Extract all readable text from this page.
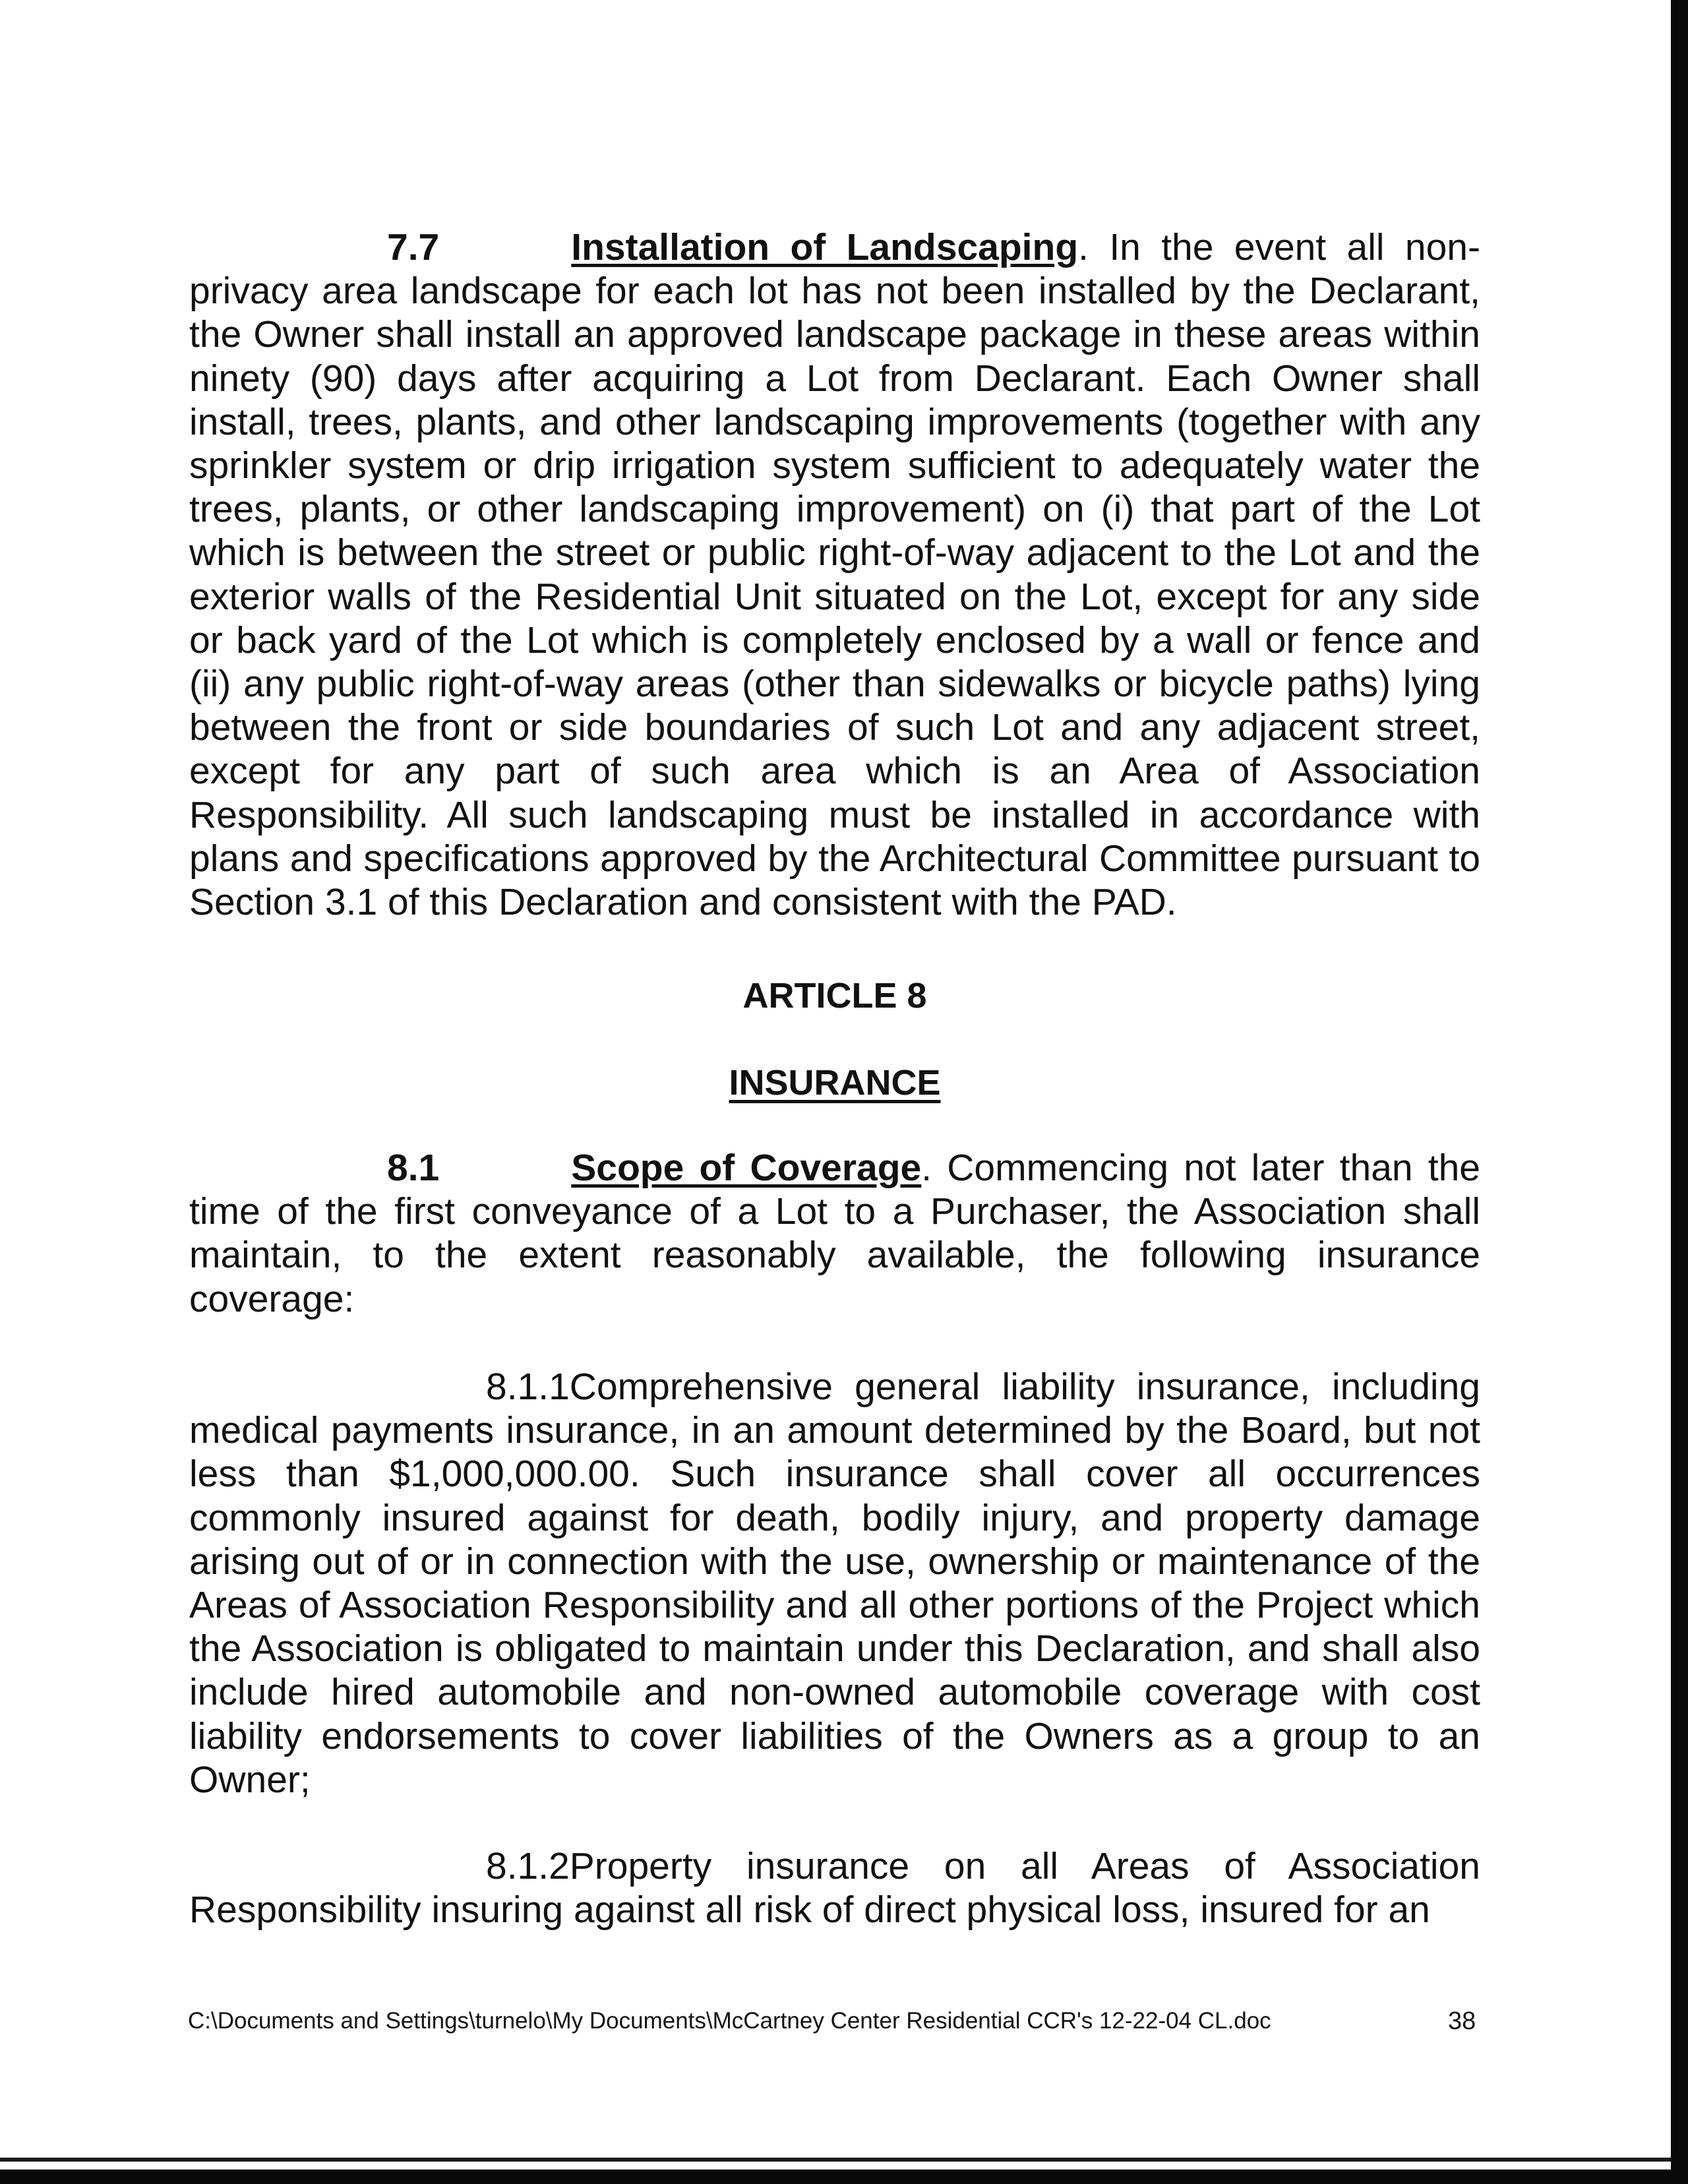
7.7	Installation of Landscaping. In the event all non-privacy area landscape for each lot has not been installed by the Declarant, the Owner shall install an approved landscape package in these areas within ninety (90) days after acquiring a Lot from Declarant. Each Owner shall install, trees, plants, and other landscaping improvements (together with any sprinkler system or drip irrigation system sufficient to adequately water the trees, plants, or other landscaping improvement) on (i) that part of the Lot which is between the street or public right-of-way adjacent to the Lot and the exterior walls of the Residential Unit situated on the Lot, except for any side or back yard of the Lot which is completely enclosed by a wall or fence and (ii) any public right-of-way areas (other than sidewalks or bicycle paths) lying between the front or side boundaries of such Lot and any adjacent street, except for any part of such area which is an Area of Association Responsibility. All such landscaping must be installed in accordance with plans and specifications approved by the Architectural Committee pursuant to Section 3.1 of this Declaration and consistent with the PAD.

ARTICLE 8
INSURANCE

8.1	Scope of Coverage. Commencing not later than the time of the first conveyance of a Lot to a Purchaser, the Association shall maintain, to the extent reasonably available, the following insurance coverage:

8.1.1Comprehensive general liability insurance, including medical payments insurance, in an amount determined by the Board, but not less than $1,000,000.00. Such insurance shall cover all occurrences commonly insured against for death, bodily injury, and property damage arising out of or in connection with the use, ownership or maintenance of the Areas of Association Responsibility and all other portions of the Project which the Association is obligated to maintain under this Declaration, and shall also include hired automobile and non-owned automobile coverage with cost liability endorsements to cover liabilities of the Owners as a group to an Owner;

8.1.2Property insurance on all Areas of Association Responsibility insuring against all risk of direct physical loss, insured for an

C:\Documents and Settings\turnelo\My Documents\McCartney Center Residential CCR's 12-22-04 CL.doc	38
